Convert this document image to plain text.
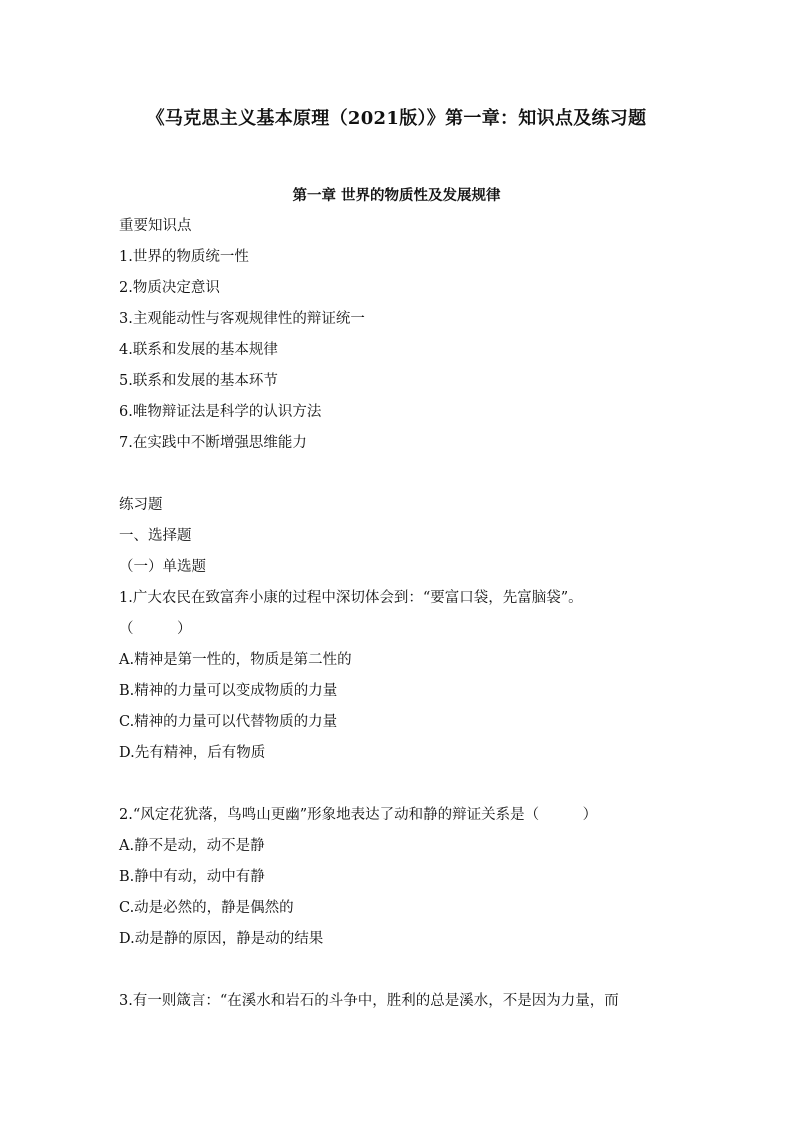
《马克思主义基本原理（2021版）》第一章：知识点及练习题
第一章 世界的物质性及发展规律
重要知识点
1.世界的物质统一性
2.物质决定意识
3.主观能动性与客观规律性的辩证统一
4.联系和发展的基本规律
5.联系和发展的基本环节
6.唯物辩证法是科学的认识方法
7.在实践中不断增强思维能力
练习题
一、选择题
（一）单选题
1.广大农民在致富奔小康的过程中深切体会到：“要富口袋，先富脑袋”。
（　　　）
A.精神是第一性的，物质是第二性的
B.精神的力量可以变成物质的力量
C.精神的力量可以代替物质的力量
D.先有精神，后有物质
2.“风定花犹落，鸟鸣山更幽”形象地表达了动和静的辩证关系是（　　　）
A.静不是动，动不是静
B.静中有动，动中有静
C.动是必然的，静是偶然的
D.动是静的原因，静是动的结果
3.有一则箴言：“在溪水和岩石的斗争中，胜利的总是溪水，不是因为力量，而
